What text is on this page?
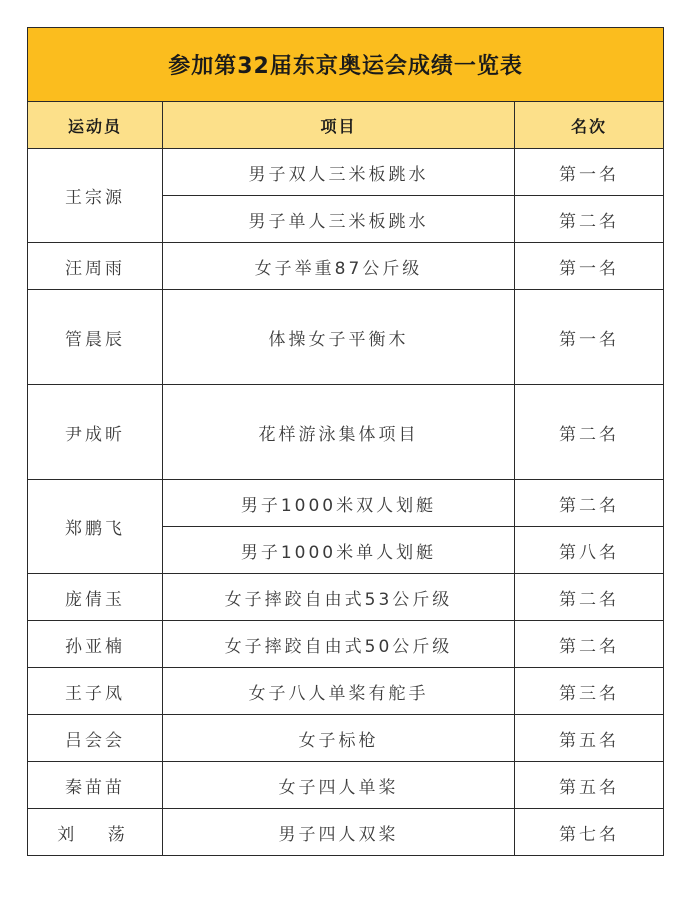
参加第32届东京奥运会成绩一览表		
运动员	项目	名次
王宗源	男子双人三米板跳水	第一名
	男子单人三米板跳水	第二名
汪周雨	女子举重87公斤级	第一名
管晨辰	体操女子平衡木	第一名
尹成昕	花样游泳集体项目	第二名
郑鹏飞	男子1000米双人划艇	第二名
	男子1000米单人划艇	第八名
庞倩玉	女子摔跤自由式53公斤级	第二名
孙亚楠	女子摔跤自由式50公斤级	第二名
王子凤	女子八人单桨有舵手	第三名
吕会会	女子标枪	第五名
秦苗苗	女子四人单桨	第五名
刘 荡	男子四人双桨	第七名
